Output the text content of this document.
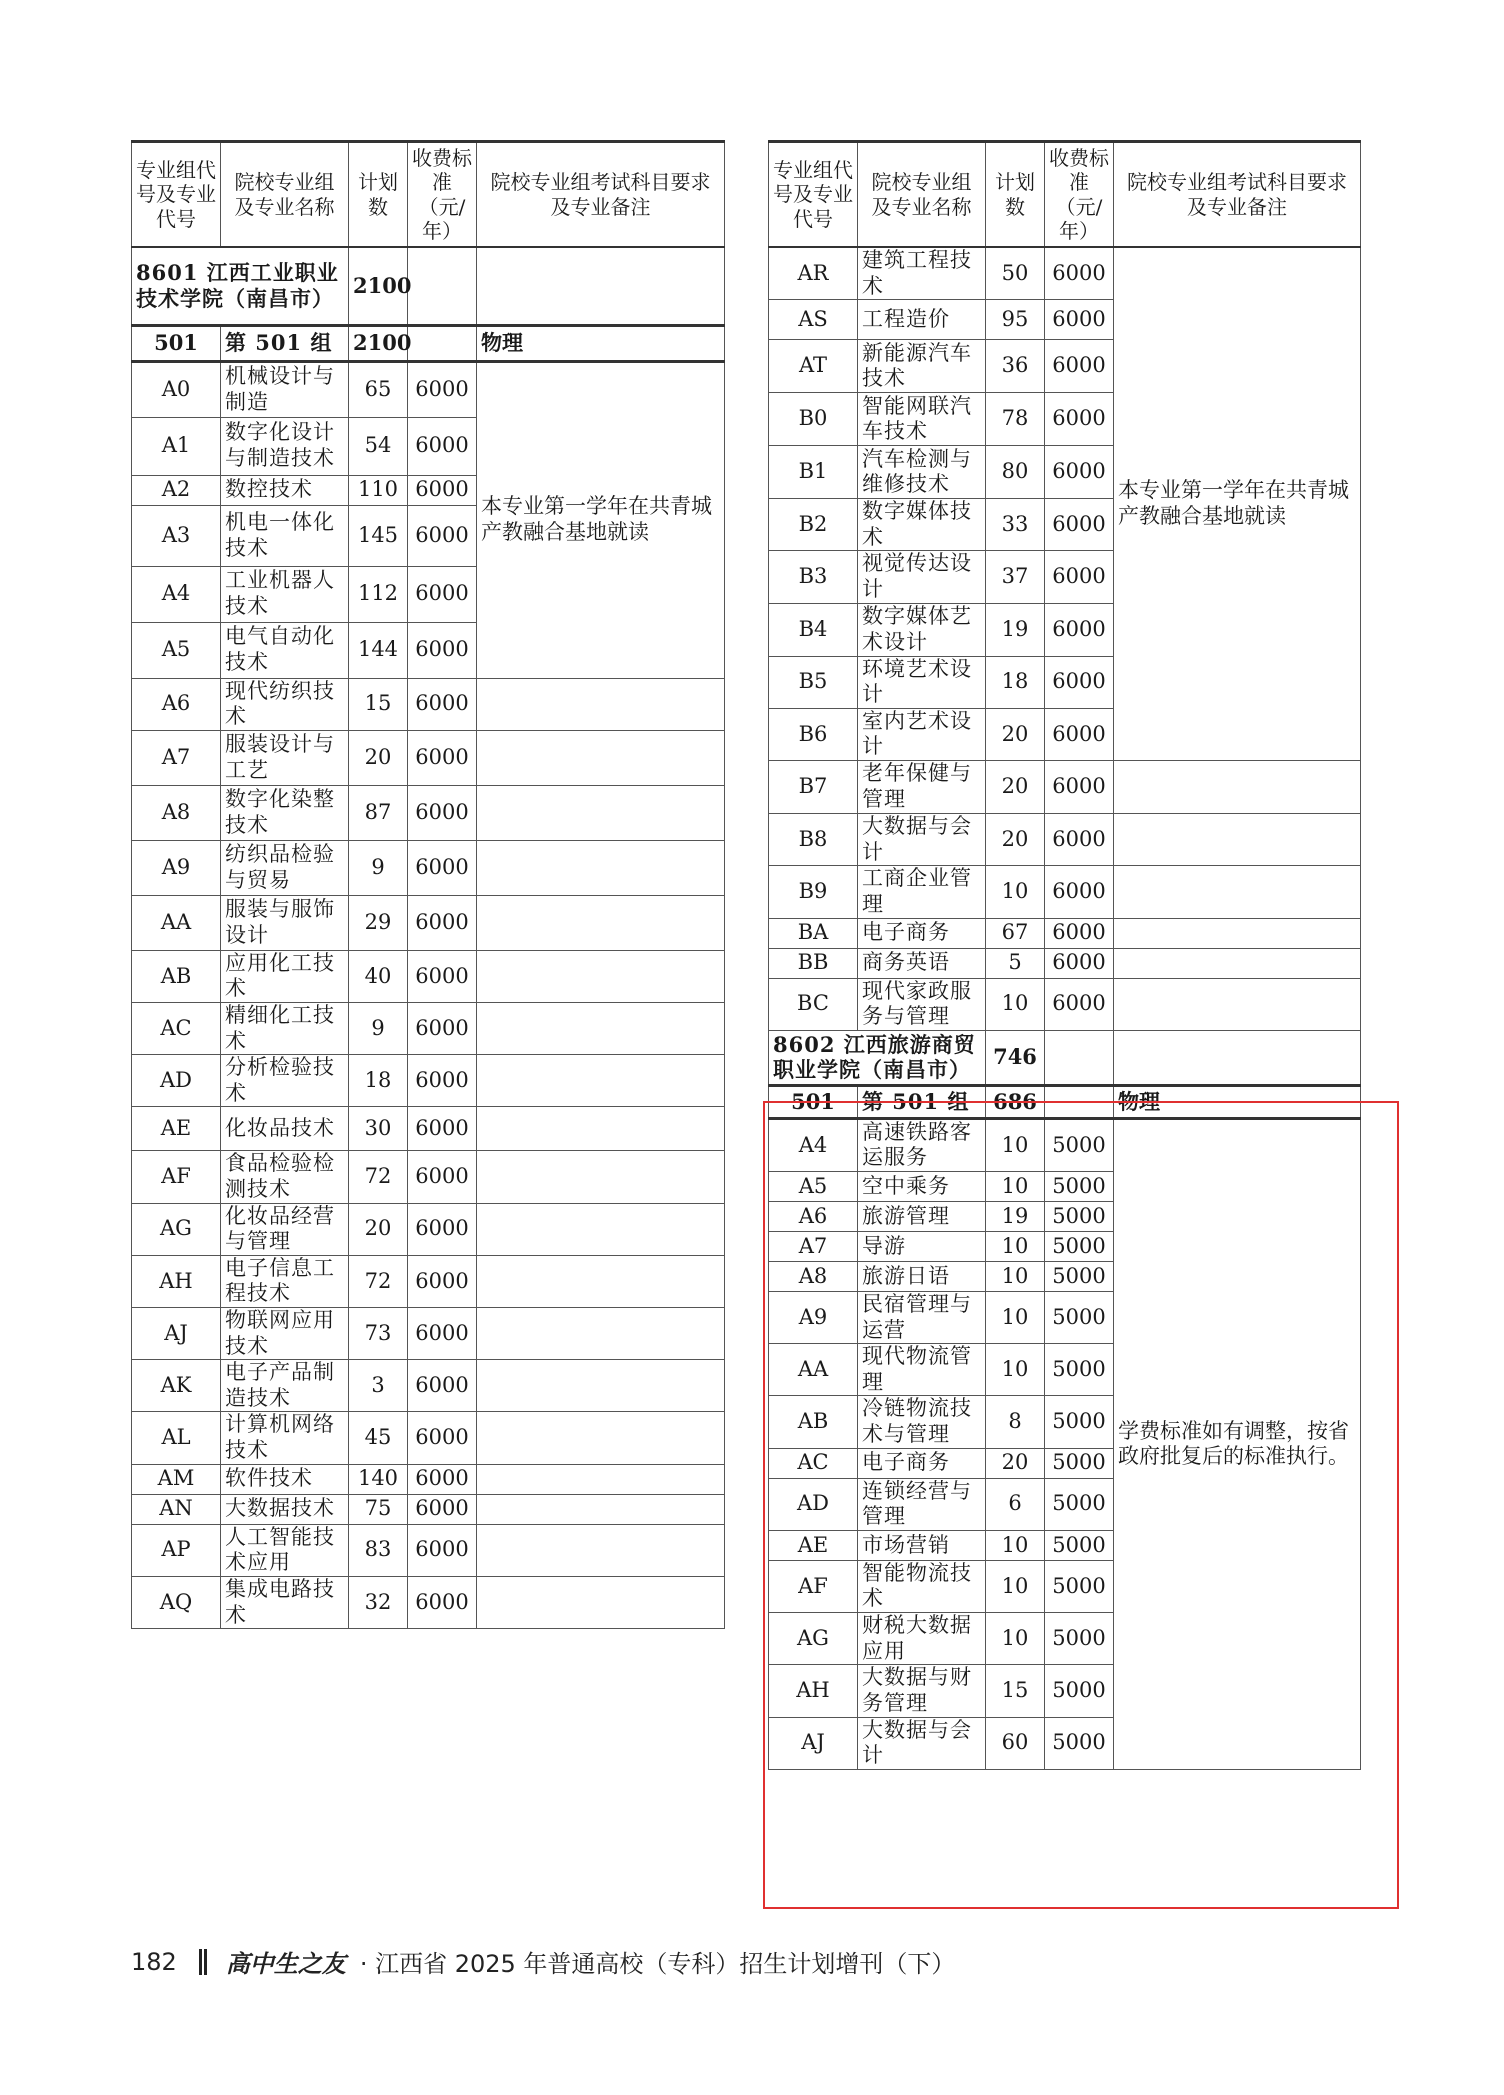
专业组代号及专业代号	院校专业组及专业名称	计划数	收费标准（元/年）	院校专业组考试科目要求及专业备注
8601 江西工业职业技术学院（南昌市）		2100		
501	第 501 组	2100		物理
A0	机械设计与制造	65	6000	本专业第一学年在共青城产教融合基地就读
A1	数字化设计与制造技术	54	6000	
A2	数控技术	110	6000	
A3	机电一体化技术	145	6000	
A4	工业机器人技术	112	6000	
A5	电气自动化技术	144	6000	
A6	现代纺织技术	15	6000	
A7	服装设计与工艺	20	6000	
A8	数字化染整技术	87	6000	
A9	纺织品检验与贸易	9	6000	
AA	服装与服饰设计	29	6000	
AB	应用化工技术	40	6000	
AC	精细化工技术	9	6000	
AD	分析检验技术	18	6000	
AE	化妆品技术	30	6000	
AF	食品检验检测技术	72	6000	
AG	化妆品经营与管理	20	6000	
AH	电子信息工程技术	72	6000	
AJ	物联网应用技术	73	6000	
AK	电子产品制造技术	3	6000	
AL	计算机网络技术	45	6000	
AM	软件技术	140	6000	
AN	大数据技术	75	6000	
AP	人工智能技术应用	83	6000	
AQ	集成电路技术	32	6000	
专业组代号及专业代号	院校专业组及专业名称	计划数	收费标准（元/年）	院校专业组考试科目要求及专业备注
AR	建筑工程技术	50	6000	本专业第一学年在共青城产教融合基地就读
AS	工程造价	95	6000	
AT	新能源汽车技术	36	6000	
B0	智能网联汽车技术	78	6000	
B1	汽车检测与维修技术	80	6000	
B2	数字媒体技术	33	6000	
B3	视觉传达设计	37	6000	
B4	数字媒体艺术设计	19	6000	
B5	环境艺术设计	18	6000	
B6	室内艺术设计	20	6000	
B7	老年保健与管理	20	6000	
B8	大数据与会计	20	6000	
B9	工商企业管理	10	6000	
BA	电子商务	67	6000	
BB	商务英语	5	6000	
BC	现代家政服务与管理	10	6000	
8602 江西旅游商贸职业学院（南昌市）		746		
501	第 501 组	686		物理
A4	高速铁路客运服务	10	5000	学费标准如有调整，按省政府批复后的标准执行。
A5	空中乘务	10	5000	
A6	旅游管理	19	5000	
A7	导游	10	5000	
A8	旅游日语	10	5000	
A9	民宿管理与运营	10	5000	
AA	现代物流管理	10	5000	
AB	冷链物流技术与管理	8	5000	
AC	电子商务	20	5000	
AD	连锁经营与管理	6	5000	
AE	市场营销	10	5000	
AF	智能物流技术	10	5000	
AG	财税大数据应用	10	5000	
AH	大数据与财务管理	15	5000	
AJ	大数据与会计	60	5000	
182 高中生之友 · 江西省 2025 年普通高校（专科）招生计划增刊（下）
